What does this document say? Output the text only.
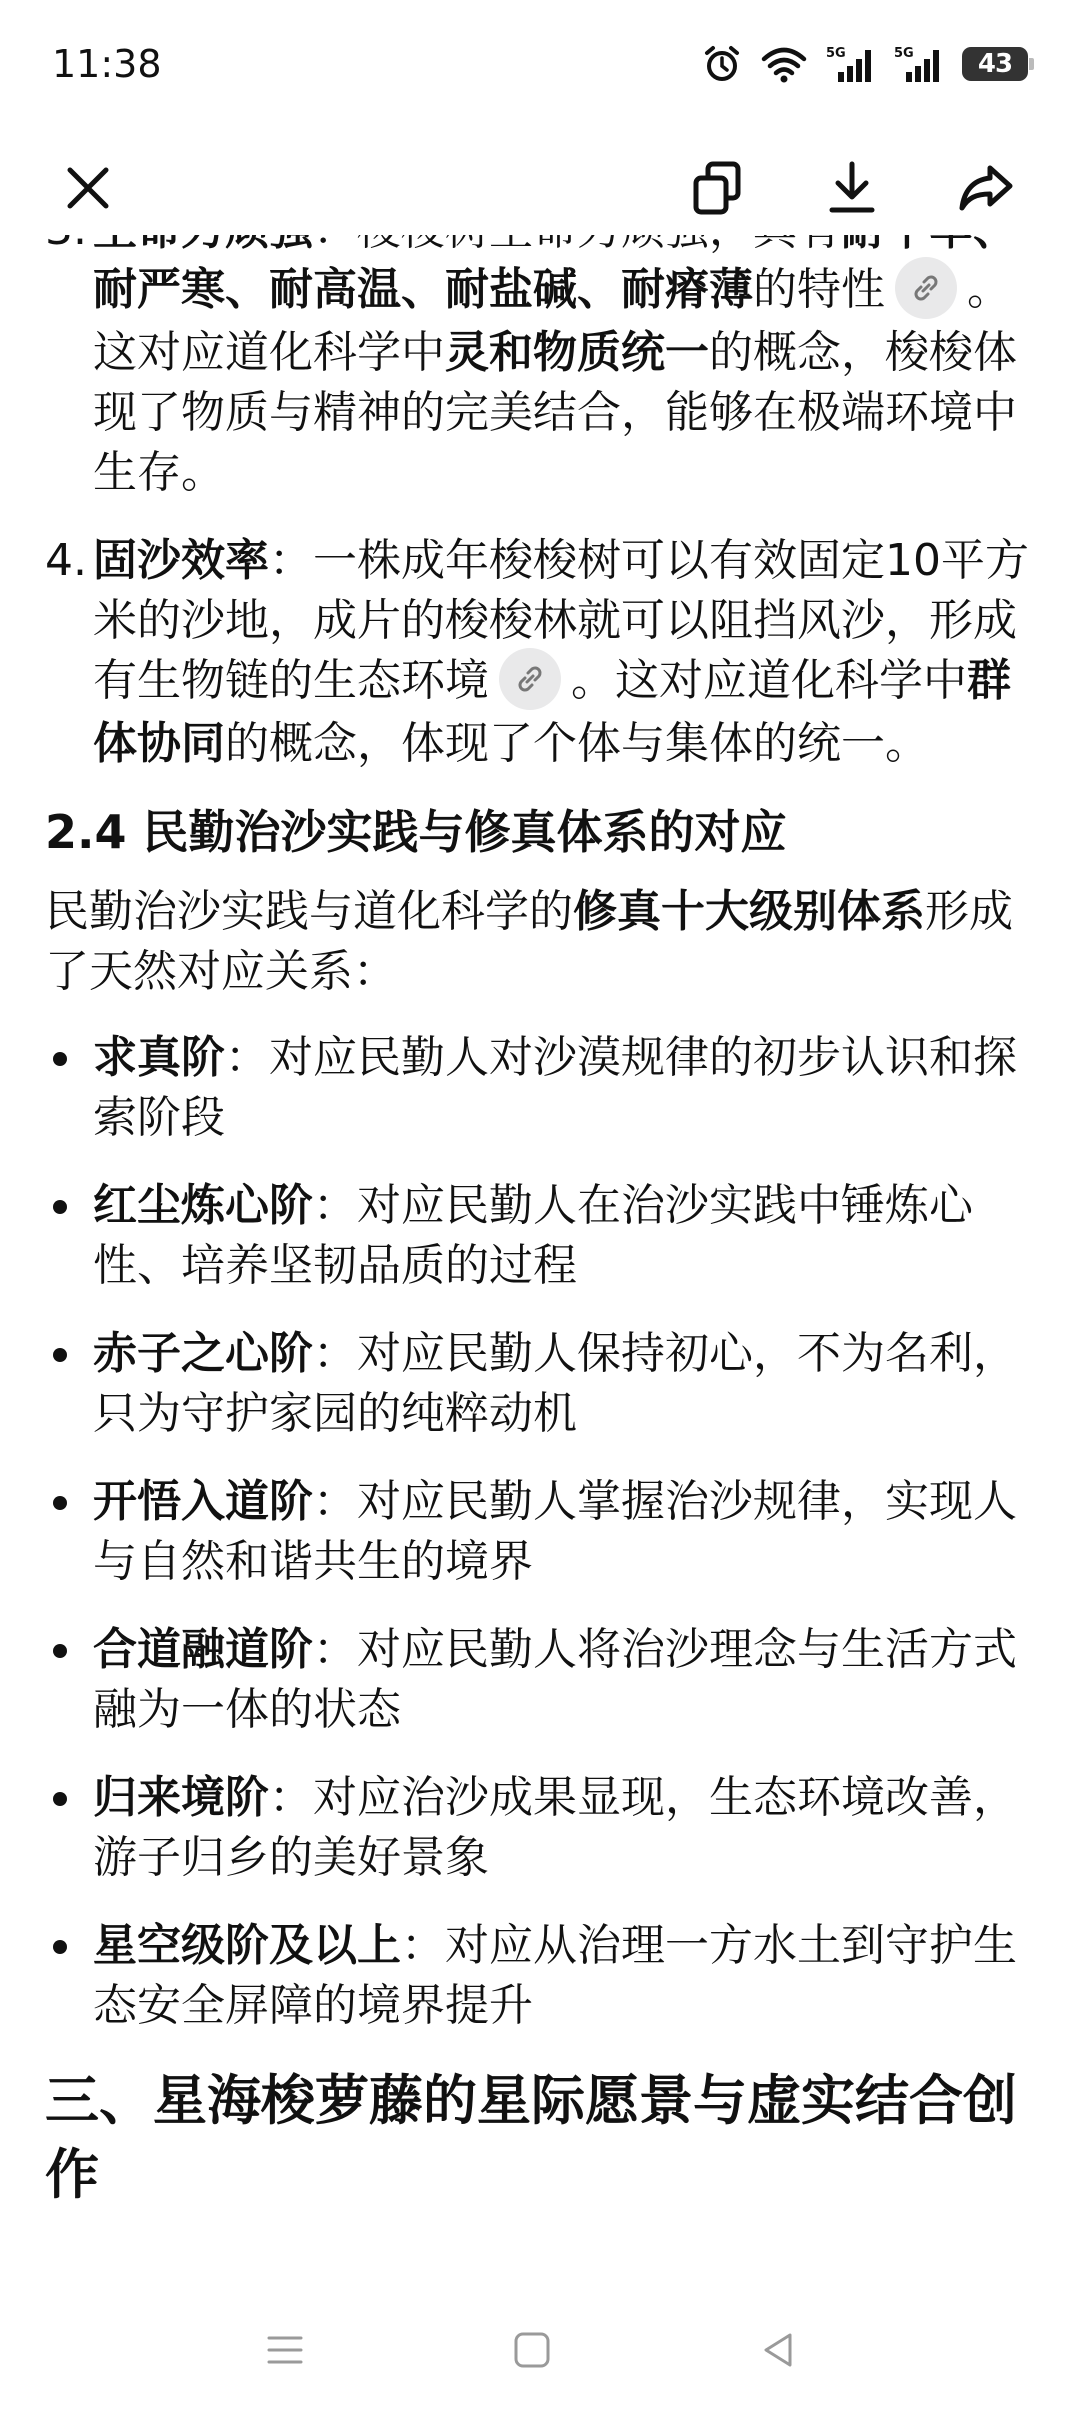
11:38	5G	5G 43
耐严寒、耐高温、耐盐碱、耐瘠薄的特性 。这对应道化科学中灵和物质统一的概念，梭梭体现了物质与精神的完美结合，能够在极端环境中生存。
4. 固沙效率：一株成年梭梭树可以有效固定10平方米的沙地，成片的梭梭林就可以阻挡风沙，形成有生物链的生态环境 。这对应道化科学中群体协同的概念，体现了个体与集体的统一。
2.4 民勤治沙实践与修真体系的对应

民勤治沙实践与道化科学的修真十大级别体系形成了天然对应关系：

求真阶：对应民勤人对沙漠规律的初步认识和探索阶段
红尘炼心阶：对应民勤人在治沙实践中锤炼心性、培养坚韧品质的过程
赤子之心阶：对应民勤人保持初心，不为名利，只为守护家园的纯粹动机
开悟入道阶：对应民勤人掌握治沙规律，实现人与自然和谐共生的境界
合道融道阶：对应民勤人将治沙理念与生活方式融为一体的状态
归来境阶：对应治沙成果显现，生态环境改善，游子归乡的美好景象
星空级阶及以上：对应从治理一方水土到守护生态安全屏障的境界提升
三、星海梭萝藤的星际愿景与虚实结合创作
